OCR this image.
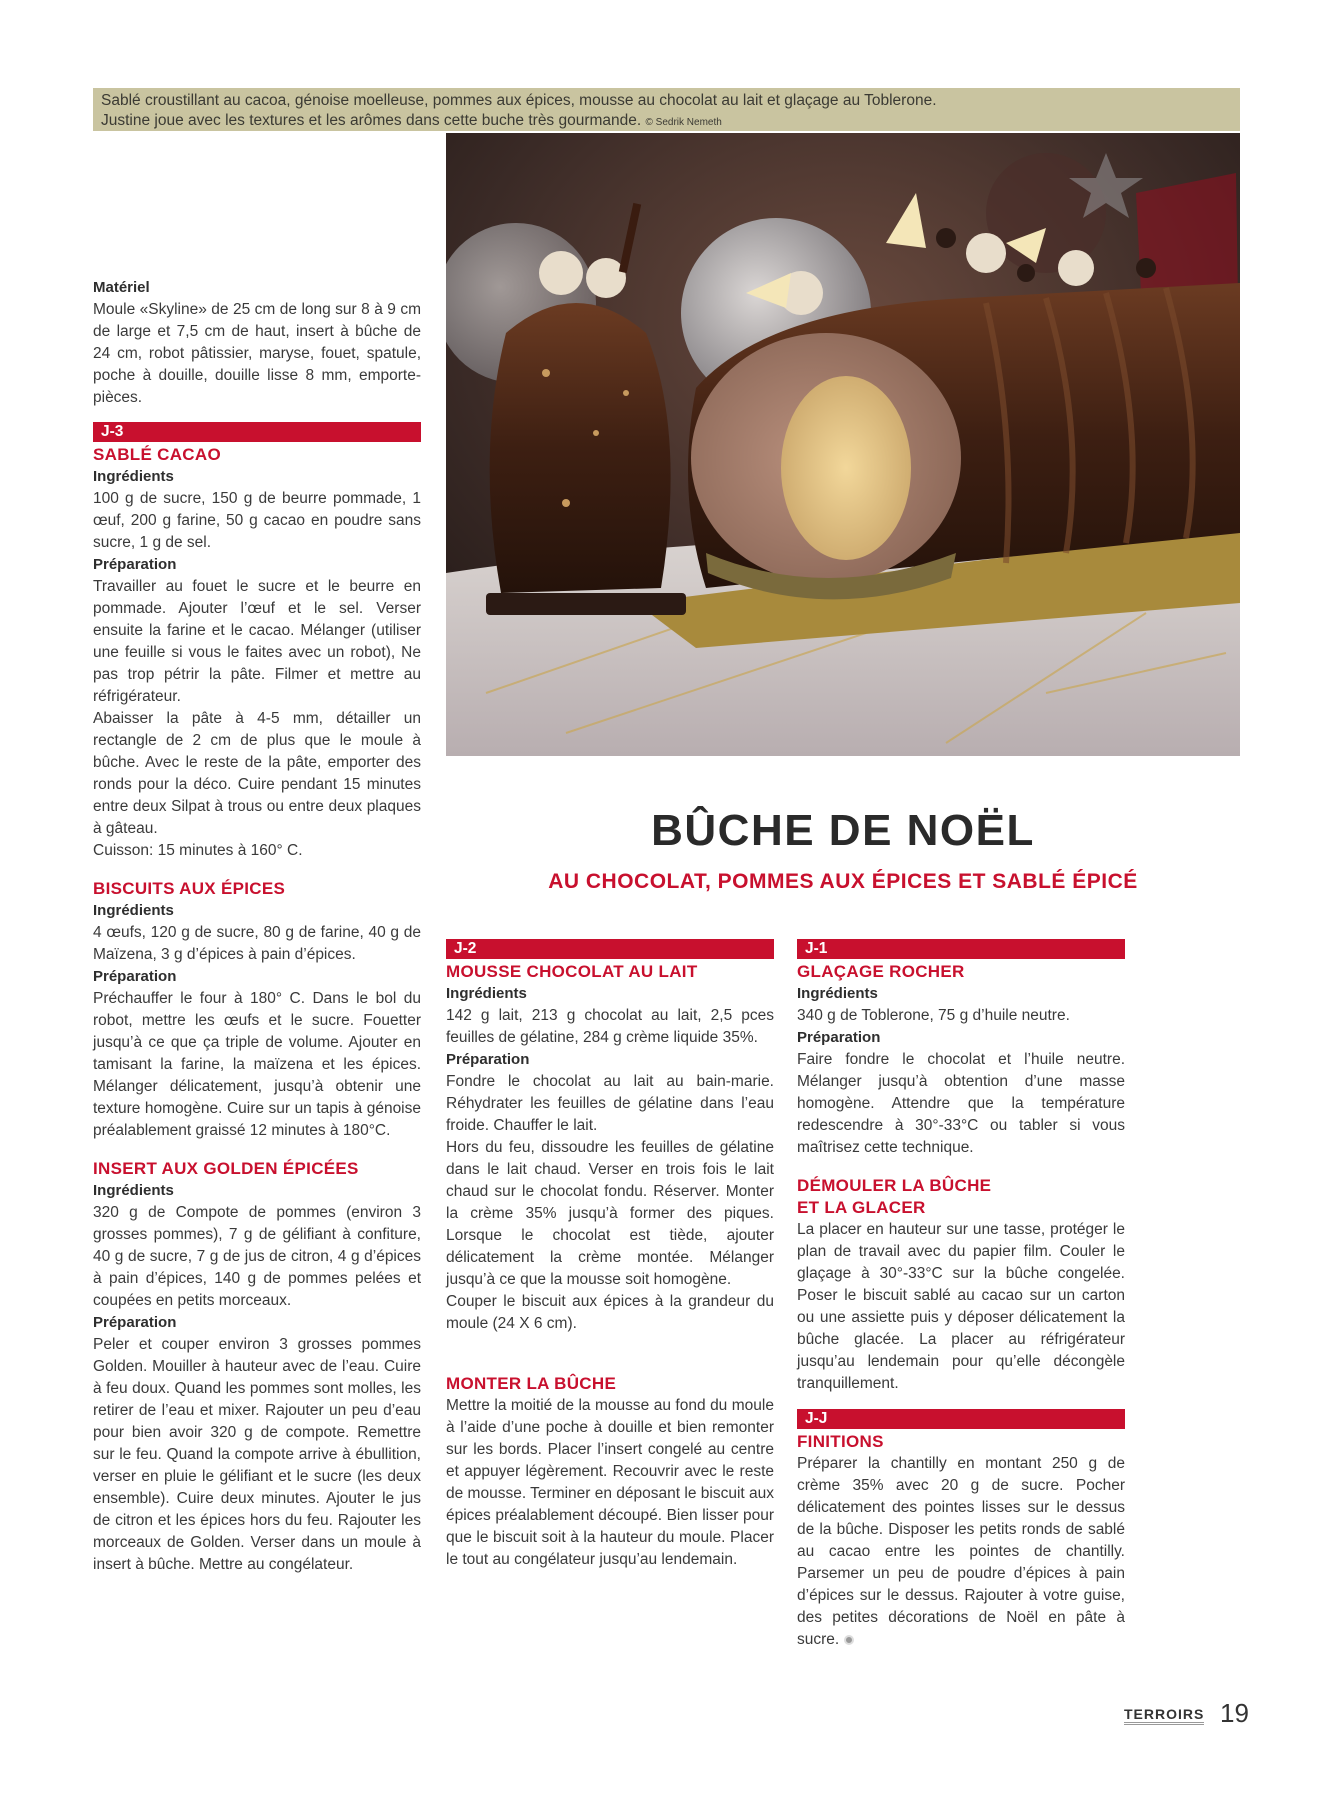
Sablé croustillant au cacoa, génoise moelleuse, pommes aux épices, mousse au chocolat au lait et glaçage au Toblerone.
Justine joue avec les textures et les arômes dans cette buche très gourmande. © Sedrik Nemeth
Matériel

Moule «Skyline» de 25 cm de long sur 8 à 9 cm de large et 7,5 cm de haut, insert à bûche de 24 cm, robot pâtissier, maryse, fouet, spatule, poche à douille, douille lisse 8 mm, emporte-pièces.

J-3
SABLÉ CACAO
Ingrédients

100 g de sucre, 150 g de beurre pommade, 1 œuf, 200 g farine, 50 g cacao en poudre sans sucre, 1 g de sel.

Préparation

Travailler au fouet le sucre et le beurre en pommade. Ajouter l’œuf et le sel. Verser ensuite la farine et le cacao. Mélanger (utiliser une feuille si vous le faites avec un robot), Ne pas trop pétrir la pâte. Filmer et mettre au réfrigérateur.

Abaisser la pâte à 4-5 mm, détailler un rectangle de 2 cm de plus que le moule à bûche. Avec le reste de la pâte, emporter des ronds pour la déco. Cuire pendant 15 minutes entre deux Silpat à trous ou entre deux plaques à gâteau.

Cuisson: 15 minutes à 160° C.

BISCUITS AUX ÉPICES
Ingrédients

4 œufs, 120 g de sucre, 80 g de farine, 40 g de Maïzena, 3 g d’épices à pain d’épices.

Préparation

Préchauffer le four à 180° C. Dans le bol du robot, mettre les œufs et le sucre. Fouetter jusqu’à ce que ça triple de volume. Ajouter en tamisant la farine, la maïzena et les épices. Mélanger délicatement, jusqu’à obtenir une texture homogène. Cuire sur un tapis à génoise préalablement graissé 12 minutes à 180°C.

INSERT AUX GOLDEN ÉPICÉES
Ingrédients

320 g de Compote de pommes (environ 3 grosses pommes), 7 g de gélifiant à confiture, 40 g de sucre, 7 g de jus de citron, 4 g d’épices à pain d’épices, 140 g de pommes pelées et coupées en petits morceaux.

Préparation

Peler et couper environ 3 grosses pommes Golden. Mouiller à hauteur avec de l’eau. Cuire à feu doux. Quand les pommes sont molles, les retirer de l’eau et mixer. Rajouter un peu d’eau pour bien avoir 320 g de compote. Remettre sur le feu. Quand la compote arrive à ébullition, verser en pluie le gélifiant et le sucre (les deux ensemble). Cuire deux minutes. Ajouter le jus de citron et les épices hors du feu. Rajouter les morceaux de Golden. Verser dans un moule à insert à bûche. Mettre au congélateur.

BÛCHE DE NOËL
AU CHOCOLAT, POMMES AUX ÉPICES ET SABLÉ ÉPICÉ
J-2
MOUSSE CHOCOLAT AU LAIT
Ingrédients

142 g lait, 213 g chocolat au lait, 2,5 pces feuilles de gélatine, 284 g crème liquide 35%.

Préparation

Fondre le chocolat au lait au bain-marie. Réhydrater les feuilles de gélatine dans l’eau froide. Chauffer le lait.

Hors du feu, dissoudre les feuilles de gélatine dans le lait chaud. Verser en trois fois le lait chaud sur le chocolat fondu. Réserver. Monter la crème 35% jusqu’à former des piques. Lorsque le chocolat est tiède, ajouter délicatement la crème montée. Mélanger jusqu’à ce que la mousse soit homogène.

Couper le biscuit aux épices à la grandeur du moule (24 X 6 cm).

MONTER LA BÛCHE

Mettre la moitié de la mousse au fond du moule à l’aide d’une poche à douille et bien remonter sur les bords. Placer l’insert congelé au centre et appuyer légèrement. Recouvrir avec le reste de mousse. Terminer en déposant le biscuit aux épices préalablement découpé. Bien lisser pour que le biscuit soit à la hauteur du moule. Placer le tout au congélateur jusqu’au lendemain.

J-1
GLAÇAGE ROCHER
Ingrédients

340 g de Toblerone, 75 g d’huile neutre.

Préparation

Faire fondre le chocolat et l’huile neutre. Mélanger jusqu’à obtention d’une masse homogène. Attendre que la température redescendre à 30°-33°C ou tabler si vous maîtrisez cette technique.

DÉMOULER LA BÛCHE
ET LA GLACER

La placer en hauteur sur une tasse, protéger le plan de travail avec du papier film. Couler le glaçage à 30°-33°C sur la bûche congelée. Poser le biscuit sablé au cacao sur un carton ou une assiette puis y déposer délicatement la bûche glacée. La placer au réfrigérateur jusqu’au lendemain pour qu’elle décongèle tranquillement.

J-J
FINITIONS

Préparer la chantilly en montant 250 g de crème 35% avec 20 g de sucre. Pocher délicatement des pointes lisses sur le dessus de la bûche. Disposer les petits ronds de sablé au cacao entre les pointes de chantilly. Parsemer un peu de poudre d’épices à pain d’épices sur le dessus. Rajouter à votre guise, des petites décorations de Noël en pâte à sucre.

TERROIRS 19
